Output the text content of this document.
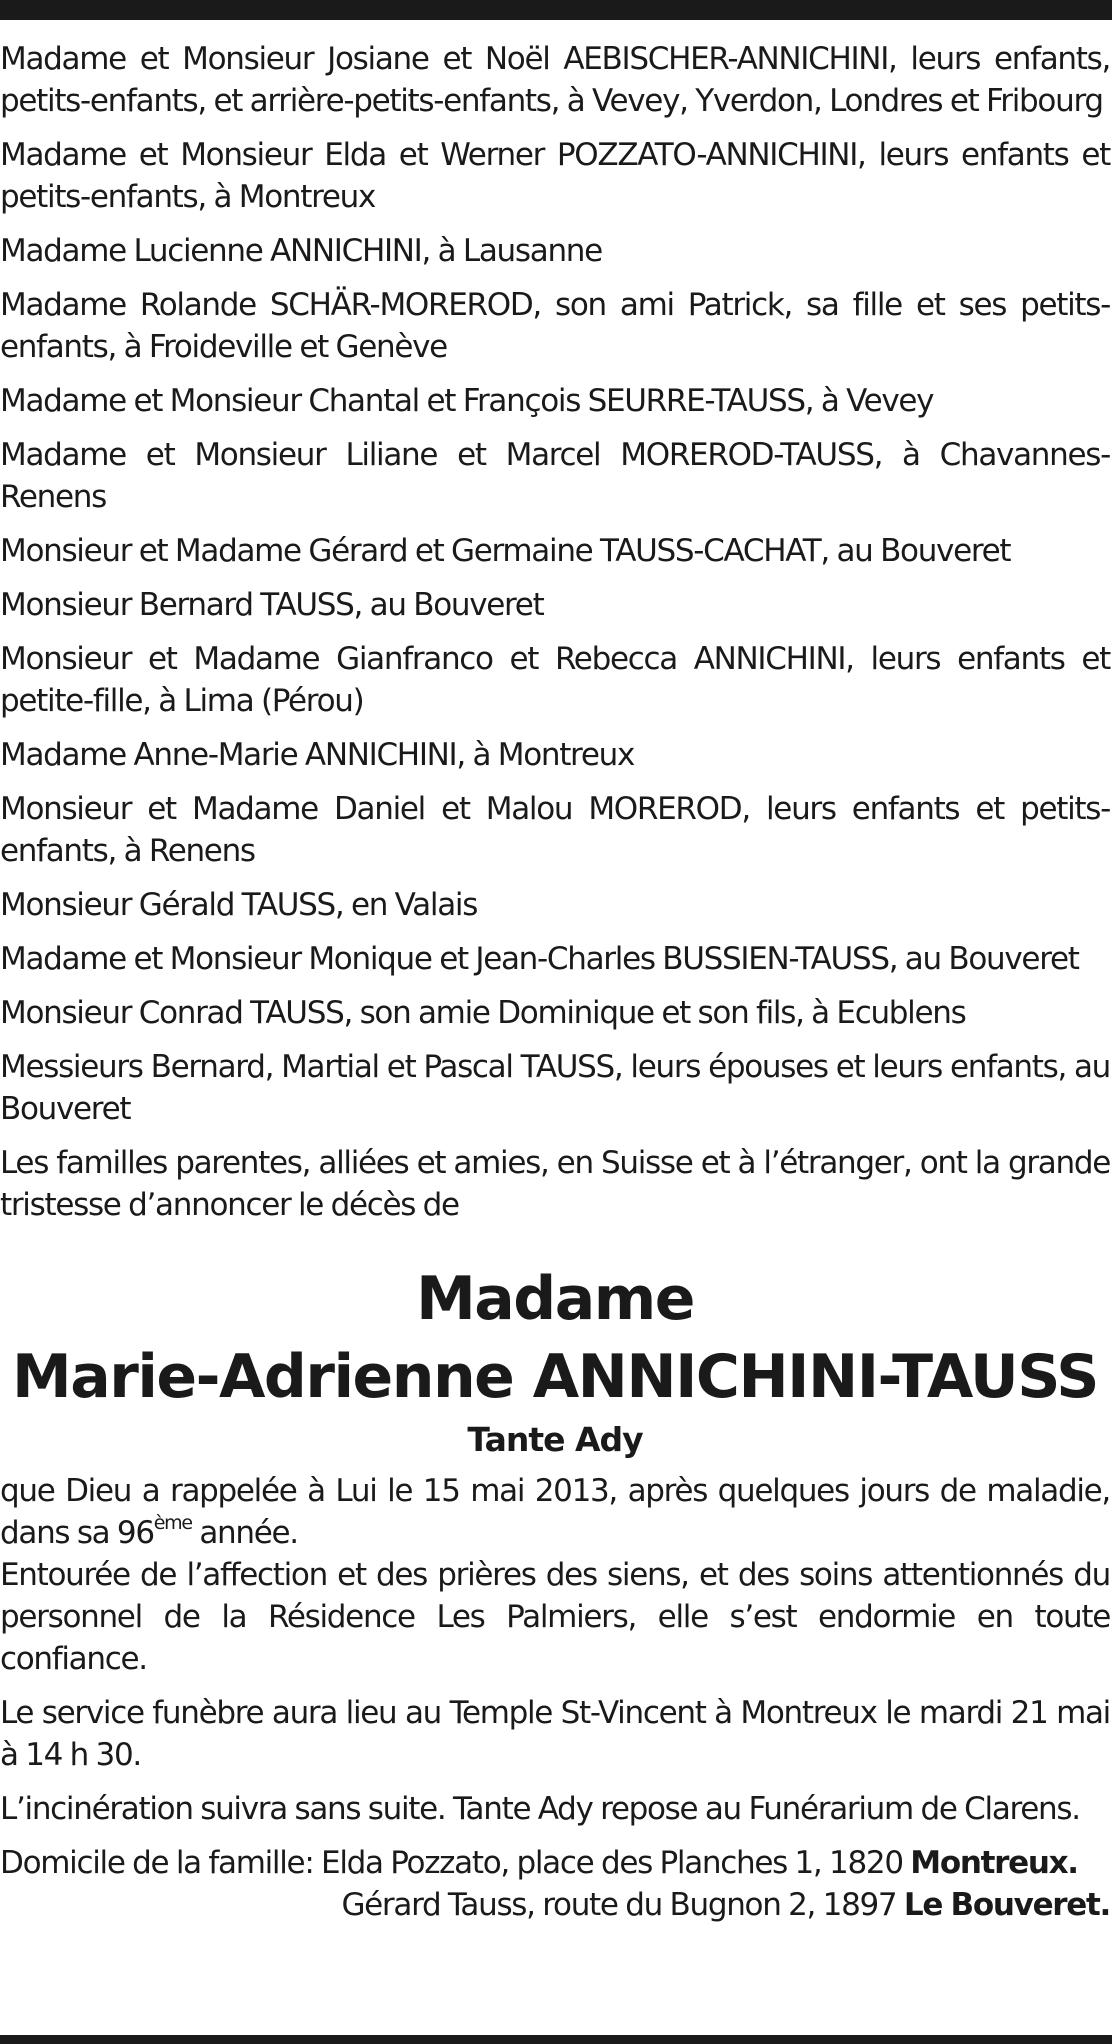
Madame et Monsieur Josiane et Noël AEBISCHER-ANNICHINI, leurs enfants, petits-enfants, et arrière-petits-enfants, à Vevey, Yverdon, Londres et Fribourg

Madame et Monsieur Elda et Werner POZZATO-ANNICHINI, leurs enfants et petits-enfants, à Montreux

Madame Lucienne ANNICHINI, à Lausanne

Madame Rolande SCHÄR-MOREROD, son ami Patrick, sa fille et ses petits-enfants, à Froideville et Genève

Madame et Monsieur Chantal et François SEURRE-TAUSS, à Vevey

Madame et Monsieur Liliane et Marcel MOREROD-TAUSS, à Chavannes-Renens

Monsieur et Madame Gérard et Germaine TAUSS-CACHAT, au Bouveret

Monsieur Bernard TAUSS, au Bouveret

Monsieur et Madame Gianfranco et Rebecca ANNICHINI, leurs enfants et petite-fille, à Lima (Pérou)

Madame Anne-Marie ANNICHINI, à Montreux

Monsieur et Madame Daniel et Malou MOREROD, leurs enfants et petits-enfants, à Renens

Monsieur Gérald TAUSS, en Valais

Madame et Monsieur Monique et Jean-Charles BUSSIEN-TAUSS, au Bouveret

Monsieur Conrad TAUSS, son amie Dominique et son fils, à Ecublens

Messieurs Bernard, Martial et Pascal TAUSS, leurs épouses et leurs enfants, au Bouveret

Les familles parentes, alliées et amies, en Suisse et à l’étranger, ont la grande tristesse d’annoncer le décès de

Madame
Marie-Adrienne ANNICHINI-TAUSS
Tante Ady

que Dieu a rappelée à Lui le 15 mai 2013, après quelques jours de maladie, dans sa 96ème année.

Entourée de l’affection et des prières des siens, et des soins attentionnés du personnel de la Résidence Les Palmiers, elle s’est endormie en toute confiance.

Le service funèbre aura lieu au Temple St-Vincent à Montreux le mardi 21 mai à 14 h 30.

L’incinération suivra sans suite. Tante Ady repose au Funérarium de Clarens.

Domicile de la famille: Elda Pozzato, place des Planches 1, 1820 Montreux.

Gérard Tauss, route du Bugnon 2, 1897 Le Bouveret.
